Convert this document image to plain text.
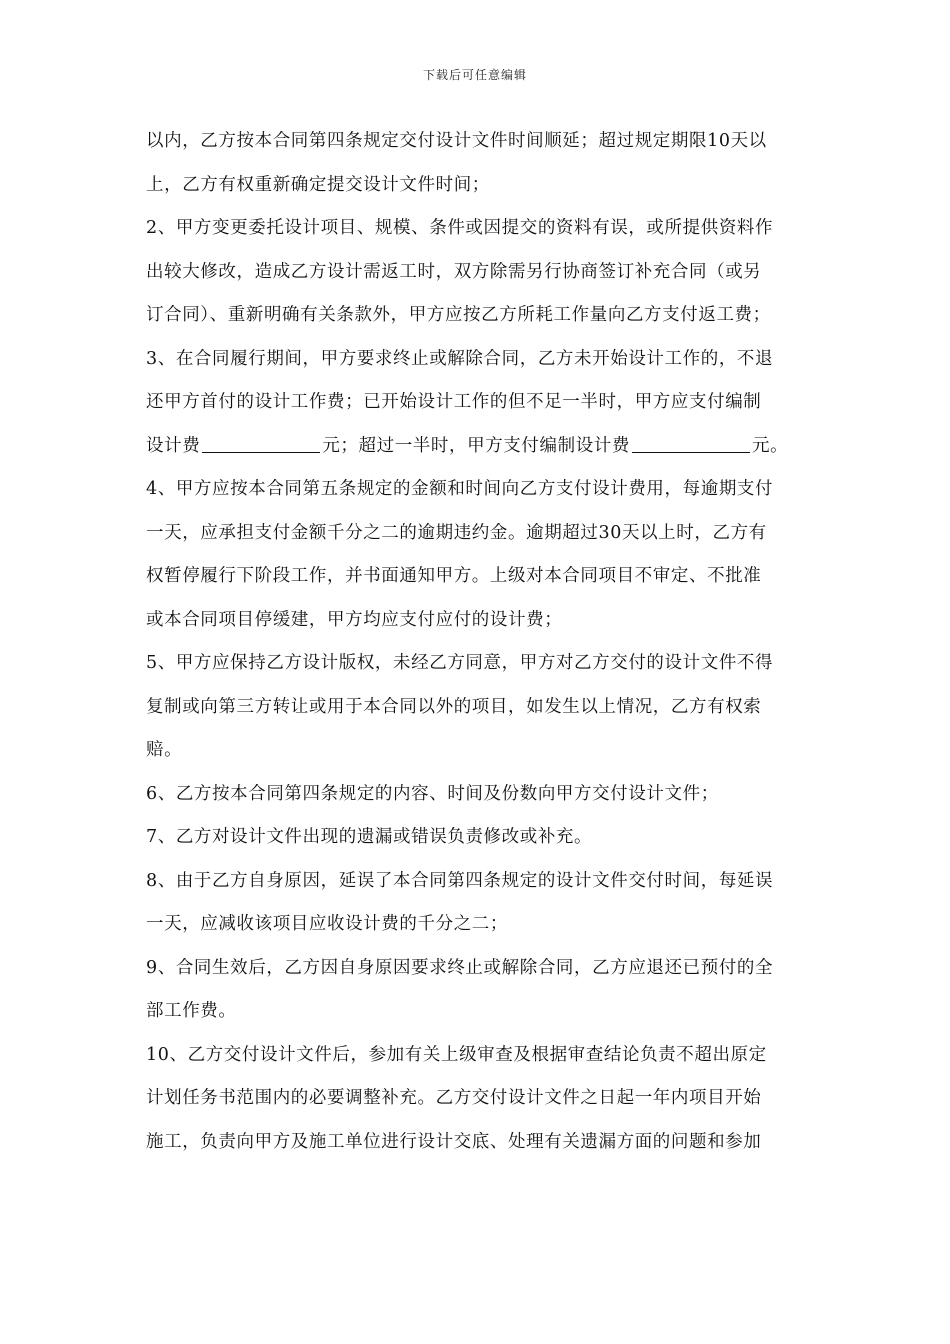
下载后可任意编辑
以内，乙方按本合同第四条规定交付设计文件时间顺延；超过规定期限10天以
上，乙方有权重新确定提交设计文件时间；
2、甲方变更委托设计项目、规模、条件或因提交的资料有误，或所提供资料作
出较大修改，造成乙方设计需返工时，双方除需另行协商签订补充合同（或另
订合同）、重新明确有关条款外，甲方应按乙方所耗工作量向乙方支付返工费；
3、在合同履行期间，甲方要求终止或解除合同，乙方未开始设计工作的，不退
还甲方首付的设计工作费；已开始设计工作的但不足一半时，甲方应支付编制
设计费	元；超过一半时，甲方支付编制设计费	元。
4、甲方应按本合同第五条规定的金额和时间向乙方支付设计费用，每逾期支付
一天，应承担支付金额千分之二的逾期违约金。逾期超过30天以上时，乙方有
权暂停履行下阶段工作，并书面通知甲方。上级对本合同项目不审定、不批准
或本合同项目停缓建，甲方均应支付应付的设计费；
5、甲方应保持乙方设计版权，未经乙方同意，甲方对乙方交付的设计文件不得
复制或向第三方转让或用于本合同以外的项目，如发生以上情况，乙方有权索
赔。
6、乙方按本合同第四条规定的内容、时间及份数向甲方交付设计文件；
7、乙方对设计文件出现的遗漏或错误负责修改或补充。
8、由于乙方自身原因，延误了本合同第四条规定的设计文件交付时间，每延误
一天，应减收该项目应收设计费的千分之二；
9、合同生效后，乙方因自身原因要求终止或解除合同，乙方应退还已预付的全
部工作费。
10、乙方交付设计文件后，参加有关上级审查及根据审查结论负责不超出原定
计划任务书范围内的必要调整补充。乙方交付设计文件之日起一年内项目开始
施工，负责向甲方及施工单位进行设计交底、处理有关遗漏方面的问题和参加
